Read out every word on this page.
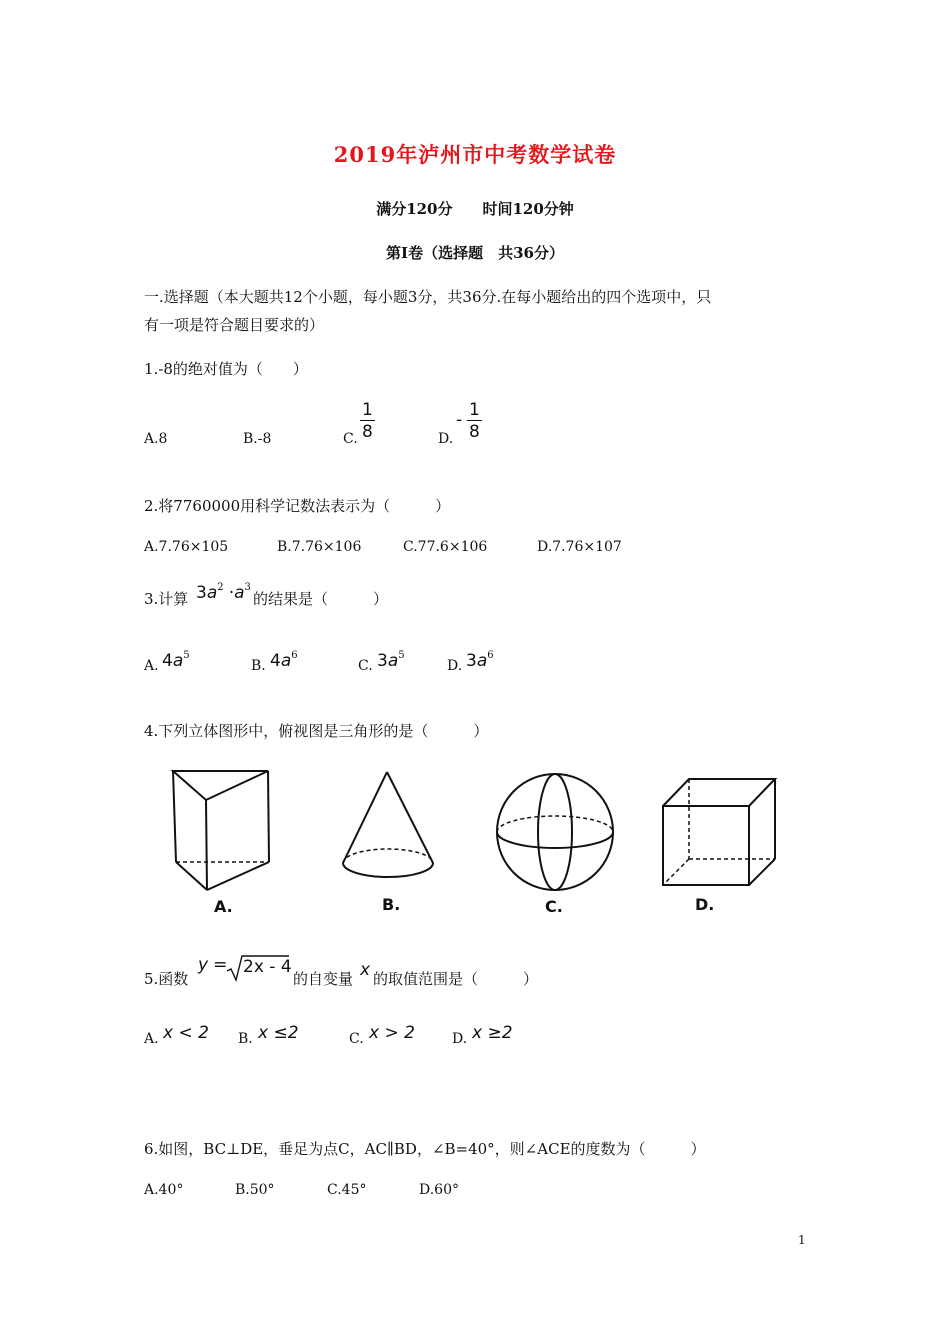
2019年泸州市中考数学试卷
满分120分　　时间120分钟
第I卷（选择题　共36分）
一.选择题（本大题共12个小题，每小题3分，共36分.在每小题给出的四个选项中，只
有一项是符合题目要求的）
1.-8的绝对值为（　　）
A.8	B.-8	C. $\frac{1}{8}$	D.
- $\frac{1}{8}$
2.将7760000用科学记数法表示为（　　　）
A.7.76×105	B.7.76×106	C.77.6×106	D.7.76×107
3.计算 $3a^2 \cdot a^3$
的结果是（　　　）
A. $4a^5$
B. $4a^6$
C. $3a^5$
D. $3a^6$
4.下列立体图形中，俯视图是三角形的是（　　　）
A.	B.	C.	D.
5.函数
y = 2x - 4
的自变量 x 的取值范围是（　　　）
A. x < 2 B. x ≤2	C. x > 2	D. x ≥2
6.如图，BC⊥DE，垂足为点C，AC∥BD，∠B=40°，则∠ACE的度数为（　　　）
A.40°	B.50°	C.45°	D.60°
1
